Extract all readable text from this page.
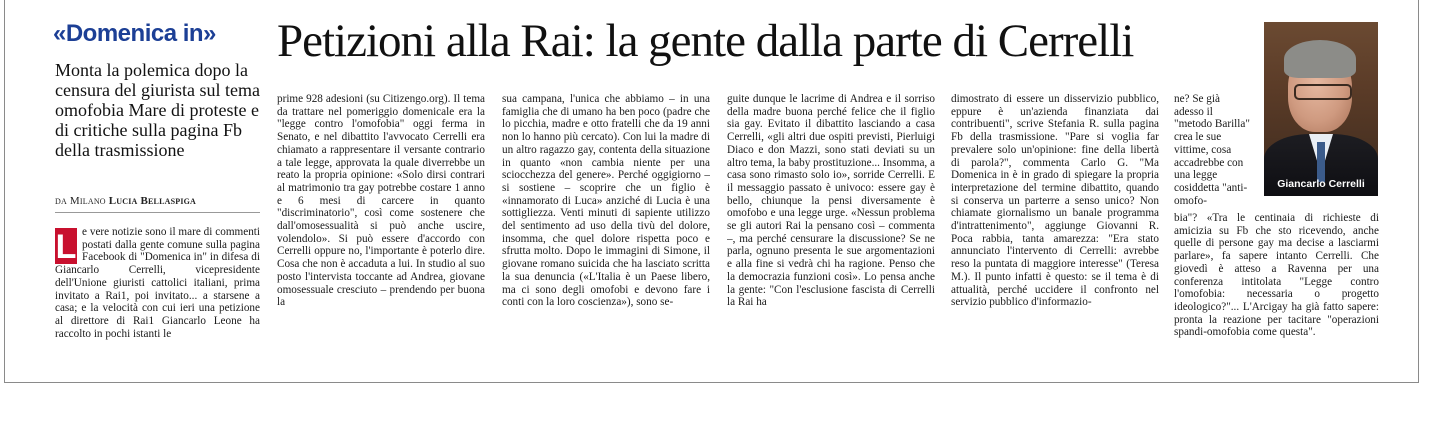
«Domenica in» Petizioni alla Rai: la gente dalla parte di Cerrelli
Monta la polemica dopo la censura del giurista sul tema omofobia Mare di proteste e di critiche sulla pagina Fb della trasmissione
da Milano Lucia Bellaspiga
L e vere notizie sono il mare di commenti postati dalla gente comune sulla pagina Facebook di "Domenica in" in difesa di Giancarlo Cerrelli, vicepresidente dell'Unione giuristi cattolici italiani, prima invitato a Rai1, poi invitato... a starsene a casa; e la velocità con cui ieri una petizione al direttore di Rai1 Giancarlo Leone ha raccolto in pochi istanti le

prime 928 adesioni (su Citizengo.org). Il tema da trattare nel pomeriggio domenicale era la "legge contro l'omofobia" oggi ferma in Senato, e nel dibattito l'avvocato Cerrelli era chiamato a rappresentare il versante contrario a tale legge, approvata la quale diverrebbe un reato la propria opinione: «Solo dirsi contrari al matrimonio tra gay potrebbe costare 1 anno e 6 mesi di carcere in quanto "discriminatorio", così come sostenere che dall'omosessualità si può anche uscire, volendolo». Si può essere d'accordo con Cerrelli oppure no, l'importante è poterlo dire. Cosa che non è accaduta a lui. In studio al suo posto l'intervista toccante ad Andrea, giovane omosessuale cresciuto – prendendo per buona la

sua campana, l'unica che abbiamo – in una famiglia che di umano ha ben poco (padre che lo picchia, madre e otto fratelli che da 19 anni non lo hanno più cercato). Con lui la madre di un altro ragazzo gay, contenta della situazione in quanto «non cambia niente per una sciocchezza del genere». Perché oggigiorno – si sostiene – scoprire che un figlio è «innamorato di Luca» anziché di Lucia è una sottigliezza. Venti minuti di sapiente utilizzo del sentimento ad uso della tivù del dolore, insomma, che quel dolore rispetta poco e sfrutta molto. Dopo le immagini di Simone, il giovane romano suicida che ha lasciato scritta la sua denuncia («L'Italia è un Paese libero, ma ci sono degli omofobi e devono fare i conti con la loro coscienza»), sono se-

guite dunque le lacrime di Andrea e il sorriso della madre buona perché felice che il figlio sia gay. Evitato il dibattito lasciando a casa Cerrelli, «gli altri due ospiti previsti, Pierluigi Diaco e don Mazzi, sono stati deviati su un altro tema, la baby prostituzione... Insomma, a casa sono rimasto solo io», sorride Cerrelli. E il messaggio passato è univoco: essere gay è bello, chiunque la pensi diversamente è omofobo e una legge urge. «Nessun problema se gli autori Rai la pensano così – commenta –, ma perché censurare la discussione? Se ne parla, ognuno presenta le sue argomentazioni e alla fine si vedrà chi ha ragione. Penso che la democrazia funzioni così». Lo pensa anche la gente: "Con l'esclusione fascista di Cerrelli la Rai ha

dimostrato di essere un disservizio pubblico, eppure è un'azienda finanziata dai contribuenti", scrive Stefania R. sulla pagina Fb della trasmissione. "Pare si voglia far prevalere solo un'opinione: fine della libertà di parola?", commenta Carlo G. "Ma Domenica in è in grado di spiegare la propria interpretazione del termine dibattito, quando si conserva un parterre a senso unico? Non chiamate giornalismo un banale programma d'intrattenimento", aggiunge Giovanni R. Poca rabbia, tanta amarezza: "Era stato annunciato l'intervento di Cerrelli: avrebbe reso la puntata di maggiore interesse" (Teresa M.). Il punto infatti è questo: se il tema è di attualità, perché uccidere il confronto nel servizio pubblico d'informazio-

ne? Se già adesso il "metodo Barilla" crea le sue vittime, cosa accadrebbe con una legge cosiddetta "anti-omofo-

bia"? «Tra le centinaia di richieste di amicizia su Fb che sto ricevendo, anche quelle di persone gay ma decise a lasciarmi parlare», fa sapere intanto Cerrelli. Che giovedì è atteso a Ravenna per una conferenza intitolata "Legge contro l'omofobia: necessaria o progetto ideologico?"... L'Arcigay ha già fatto sapere: pronta la reazione per tacitare "operazioni spandi-omofobia come questa".

Giancarlo Cerrelli
